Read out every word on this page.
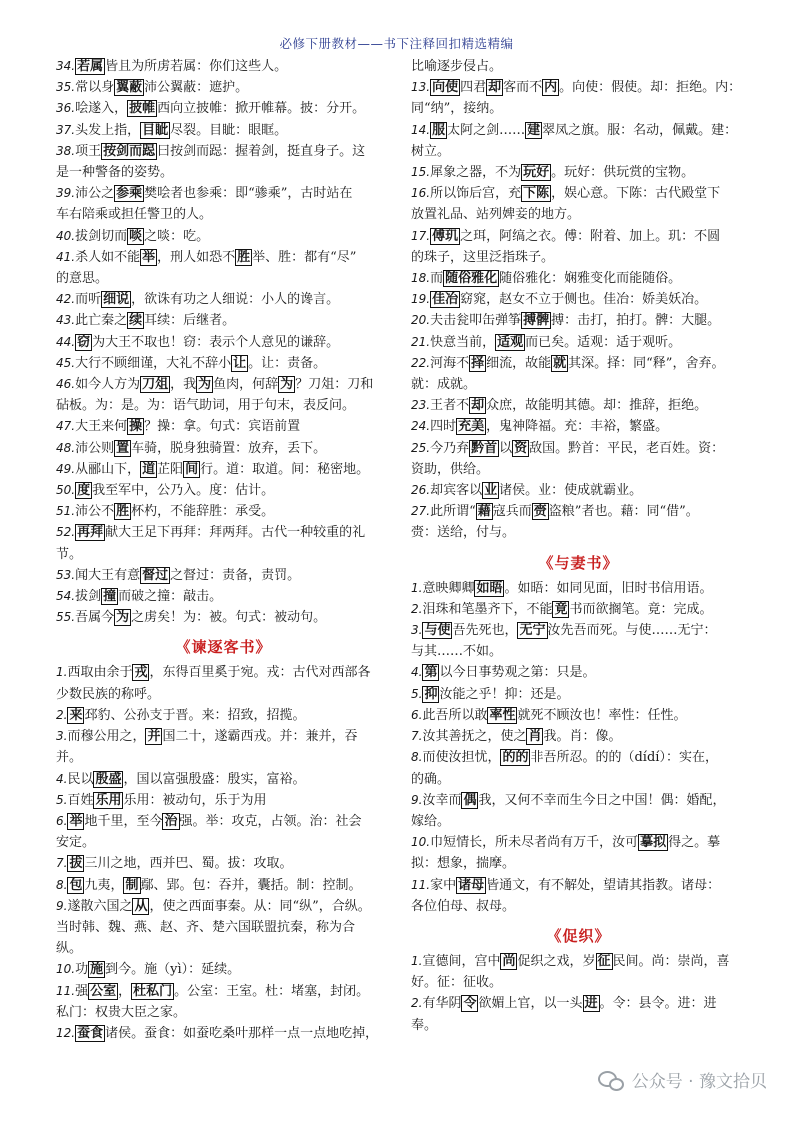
必修下册教材——书下注释回扣精选精编
34. 若属 皆且为所虏若属：你们这些人。
35.常以身 翼蔽 沛公翼蔽：遮护。
36.哙遂入， 披帷 西向立披帷：掀开帷幕。披：分开。
37.头发上指， 目眦 尽裂。目眦：眼眶。
38.项王 按剑而跽 曰按剑而跽：握着剑，挺直身子。这
是一种警备的姿势。
39.沛公之 参乘 樊哙者也参乘：即“骖乘”，古时站在
车右陪乘或担任警卫的人。
40.拔剑切而 啖 之啖：吃。
41.杀人如不能 举 ，刑人如恐不 胜 举、胜：都有“尽”
的意思。
42.而听 细说 ，欲诛有功之人细说：小人的谗言。
43.此亡秦之 续 耳续：后继者。
44. 窃 为大王不取也！窃：表示个人意见的谦辞。
45.大行不顾细谨，大礼不辞小 让 。让：责备。
46.如今人方为 刀俎 ，我 为 鱼肉，何辞 为 ？刀俎：刀和
砧板。为：是。为：语气助词，用于句末，表反问。
47.大王来何 操 ？操：拿。句式：宾语前置
48.沛公则 置 车骑，脱身独骑置：放弃，丢下。
49.从郦山下， 道 芷阳 间 行。道：取道。间：秘密地。
50. 度 我至军中，公乃入。度：估计。
51.沛公不 胜 杯杓，不能辞胜：承受。
52. 再拜 献大王足下再拜：拜两拜。古代一种较重的礼
节。
53.闻大王有意 督过 之督过：责备，责罚。
54.拔剑 撞 而破之撞：敲击。
55.吾属今 为 之虏矣！为：被。句式：被动句。
《谏逐客书》
1.西取由余于 戎 ，东得百里奚于宛。戎：古代对西部各
少数民族的称呼。
2. 来 邳豹、公孙支于晋。来：招致，招揽。
3.而穆公用之， 并 国二十，遂霸西戎。并：兼并，吞
并。
4.民以 殷盛 ，国以富强殷盛：殷实，富裕。
5.百姓 乐用 乐用：被动句，乐于为用
6. 举 地千里，至今 治 强。举：攻克，占领。治：社会
安定。
7. 拔 三川之地，西并巴、蜀。拔：攻取。
8. 包 九夷， 制 鄢、郢。包：吞并，囊括。制：控制。
9.遂散六国之 从 ，使之西面事秦。从：同“纵”，合纵。
当时韩、魏、燕、赵、齐、楚六国联盟抗秦，称为合
纵。
10.功 施 到今。施（yì）：延续。
11.强 公室 ， 杜私门 。公室：王室。杜：堵塞，封闭。
私门：权贵大臣之家。
12. 蚕食 诸侯。蚕食：如蚕吃桑叶那样一点一点地吃掉，
比喻逐步侵占。
13. 向使 四君 却 客而不 内 。向使：假使。却：拒绝。内：
同“纳”，接纳。
14. 服 太阿之剑…… 建 翠凤之旗。服：名动，佩戴。建：
树立。
15.犀象之器，不为 玩好 。玩好：供玩赏的宝物。
16.所以饰后宫，充 下陈 ，娱心意。下陈：古代殿堂下
放置礼品、站列婢妾的地方。
17. 傅玑 之珥，阿缟之衣。傅：附着、加上。玑：不圆
的珠子，这里泛指珠子。
18.而 随俗雅化 随俗雅化：娴雅变化而能随俗。
19. 佳冶 窈窕，赵女不立于侧也。佳冶：娇美妖冶。
20.夫击瓮叩缶弹筝 搏髀 搏：击打，拍打。髀：大腿。
21.快意当前， 适观 而已矣。适观：适于观听。
22.河海不 择 细流，故能 就 其深。择：同“释”，舍弃。
就：成就。
23.王者不 却 众庶，故能明其德。却：推辞，拒绝。
24.四时 充美 ，鬼神降福。充：丰裕，繁盛。
25.今乃弃 黔首 以 资 敌国。黔首：平民，老百姓。资：
资助，供给。
26.却宾客以 业 诸侯。业：使成就霸业。
27.此所谓“ 藉 寇兵而 赍 盗粮”者也。藉：同“借”。
赍：送给，付与。
《与妻书》
1.意映卿卿 如晤 。如晤：如同见面，旧时书信用语。
2.泪珠和笔墨齐下，不能 竟 书而欲搁笔。竟：完成。
3. 与使 吾先死也， 无宁 汝先吾而死。与使……无宁：
与其……不如。
4. 第 以今日事势观之第：只是。
5. 抑 汝能之乎！抑：还是。
6.此吾所以敢 率性 就死不顾汝也！率性：任性。
7.汝其善抚之，使之 肖 我。肖：像。
8.而使汝担忧， 的的 非吾所忍。的的（dídí）：实在，
的确。
9.汝幸而 偶 我，又何不幸而生今日之中国！偶：婚配，
嫁给。
10.巾短情长，所未尽者尚有万千，汝可 摹拟 得之。摹
拟：想象，揣摩。
11.家中 诸母 皆通文，有不解处，望请其指教。诸母：
各位伯母、叔母。
《促织》
1.宣德间，宫中 尚 促织之戏，岁 征 民间。尚：崇尚，喜
好。征：征收。
2.有华阴 令 欲媚上官，以一头 进 。令：县令。进：进
奉。
公众号 · 豫文拾贝
